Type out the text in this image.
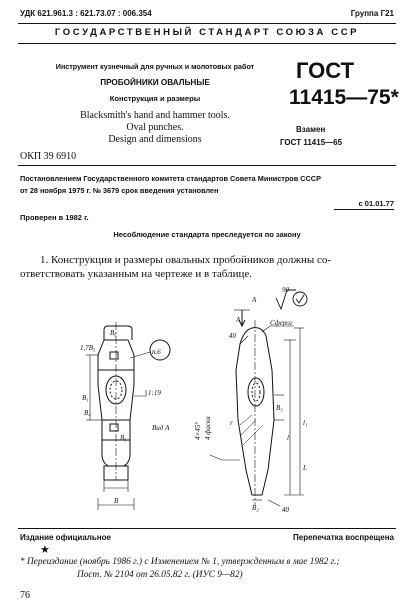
УДК 621.961.3 : 621.73.07 : 006.354	Группа Г21
ГОСУДАРСТВЕННЫЙ СТАНДАРТ СОЮЗА ССР
Инструмент кузнечный для ручных и молотовых работ
ПРОБОЙНИКИ ОВАЛЬНЫЕ
Конструкция и размеры
Blacksmith's hand and hammer tools.
Oval punches.
Design and dimensions
ГОСТ
11415—75*
Взамен
ГОСТ 11415—65
ОКП 39 6910
Постановлением Государственного комитета стандартов Совета Министров СССР
от 28 ноября 1975 г. № 3679 срок введения установлен
с 01.01.77
Проверен в 1982 г.
Несоблюдение стандарта преследуется по закону
1. Конструкция и размеры овальных пробойников должны со-
ответствовать указанным на чертеже и в таблице.
90
п.6
1:19
А	Сферог
Вид А	4×45° 4 фаски
B₆
1,7B₅
B₁
B₄
B₅
B
B₂
B₃
l
l₁
r
40
40
L
А
Издание официальное	Перепечатка воспрещена
★
* Переиздание (ноябрь 1986 г.) с Изменением № 1, утвержденным в мае 1982 г.;
Пост. № 2104 от 26.05.82 г. (ИУС 9—82)
76
